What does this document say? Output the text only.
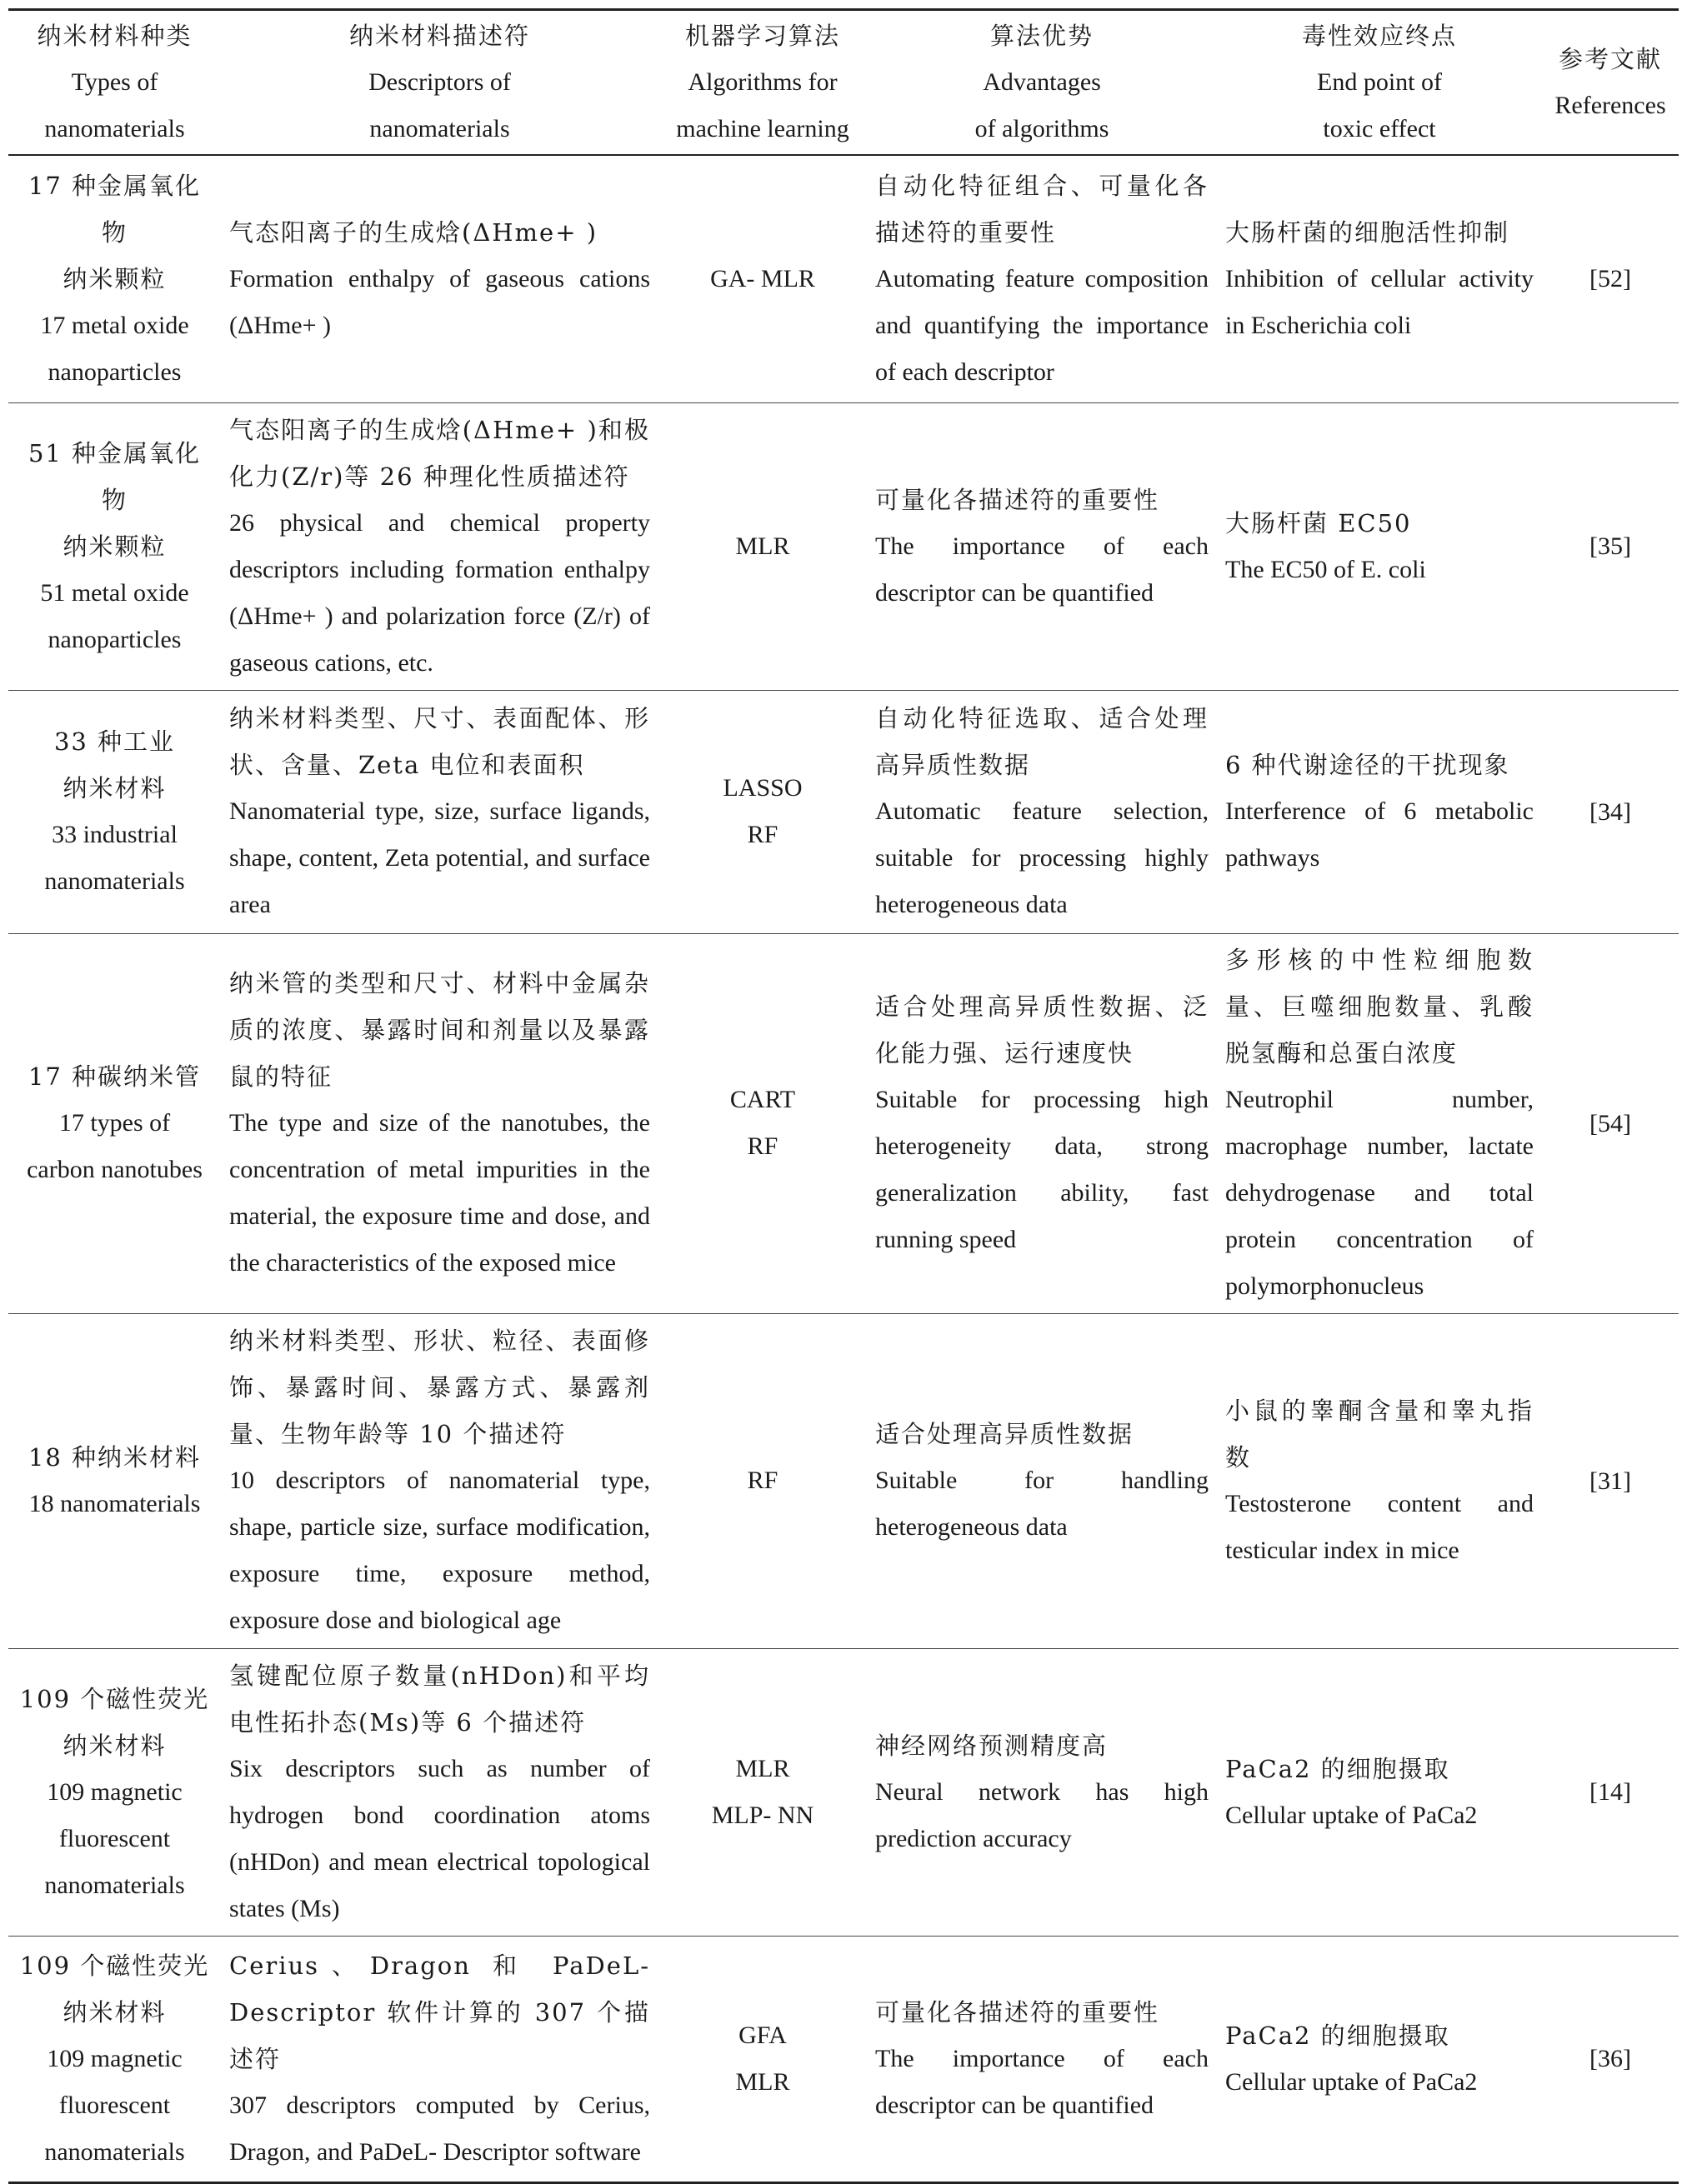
纳米材料种类
Types of
nanomaterials	纳米材料描述符
Descriptors of
nanomaterials	机器学习算法
Algorithms for
machine learning	算法优势
Advantages
of algorithms	毒性效应终点
End point of
toxic effect	参考文献
References

17 种金属氧化物
纳米颗粒
17 metal oxide
nanoparticles	气态阳离子的生成焓(ΔHme+ )
Formation enthalpy of gaseous cations (ΔHme+ )	GA- MLR	自动化特征组合、可量化各描述符的重要性
Automating feature composition and quantifying the importance of each descriptor	大肠杆菌的细胞活性抑制
Inhibition of cellular activity in Escherichia coli	[52]

51 种金属氧化物
纳米颗粒
51 metal oxide
nanoparticles	气态阳离子的生成焓(ΔHme+ )和极化力(Z/r)等 26 种理化性质描述符
26 physical and chemical property descriptors including formation enthalpy (ΔHme+ ) and polarization force (Z/r) of gaseous cations, etc.	MLR	可量化各描述符的重要性
The importance of each descriptor can be quantified	大肠杆菌 EC50
The EC50 of E. coli	[35]

33 种工业
纳米材料
33 industrial
nanomaterials	纳米材料类型、尺寸、表面配体、形状、含量、Zeta 电位和表面积
Nanomaterial type, size, surface ligands, shape, content, Zeta potential, and surface area	LASSO
RF	自动化特征选取、适合处理高异质性数据
Automatic feature selection, suitable for processing highly heterogeneous data	6 种代谢途径的干扰现象
Interference of 6 metabolic pathways	[34]

17 种碳纳米管
17 types of
carbon nanotubes	纳米管的类型和尺寸、材料中金属杂质的浓度、暴露时间和剂量以及暴露鼠的特征
The type and size of the nanotubes, the concentration of metal impurities in the material, the exposure time and dose, and the characteristics of the exposed mice	CART
RF	适合处理高异质性数据、泛化能力强、运行速度快
Suitable for processing high heterogeneity data, strong generalization ability, fast running speed	多形核的中性粒细胞数量、巨噬细胞数量、乳酸脱氢酶和总蛋白浓度
Neutrophil number, macrophage number, lactate dehydrogenase and total protein concentration of polymorphonucleus	[54]

18 种纳米材料
18 nanomaterials	纳米材料类型、形状、粒径、表面修饰、暴露时间、暴露方式、暴露剂量、生物年龄等 10 个描述符
10 descriptors of nanomaterial type, shape, particle size, surface modification, exposure time, exposure method, exposure dose and biological age	RF	适合处理高异质性数据
Suitable for handling heterogeneous data	小鼠的睾酮含量和睾丸指数
Testosterone content and testicular index in mice	[31]

109 个磁性荧光
纳米材料
109 magnetic
fluorescent
nanomaterials	氢键配位原子数量(nHDon)和平均电性拓扑态(Ms)等 6 个描述符
Six descriptors such as number of hydrogen bond coordination atoms (nHDon) and mean electrical topological states (Ms)	MLR
MLP- NN	神经网络预测精度高
Neural network has high prediction accuracy	PaCa2 的细胞摄取
Cellular uptake of PaCa2	[14]

109 个磁性荧光
纳米材料
109 magnetic
fluorescent
nanomaterials	Cerius、Dragon 和 PaDeL- Descriptor 软件计算的 307 个描述符
307 descriptors computed by Cerius, Dragon, and PaDeL- Descriptor software	GFA
MLR	可量化各描述符的重要性
The importance of each descriptor can be quantified	PaCa2 的细胞摄取
Cellular uptake of PaCa2	[36]
